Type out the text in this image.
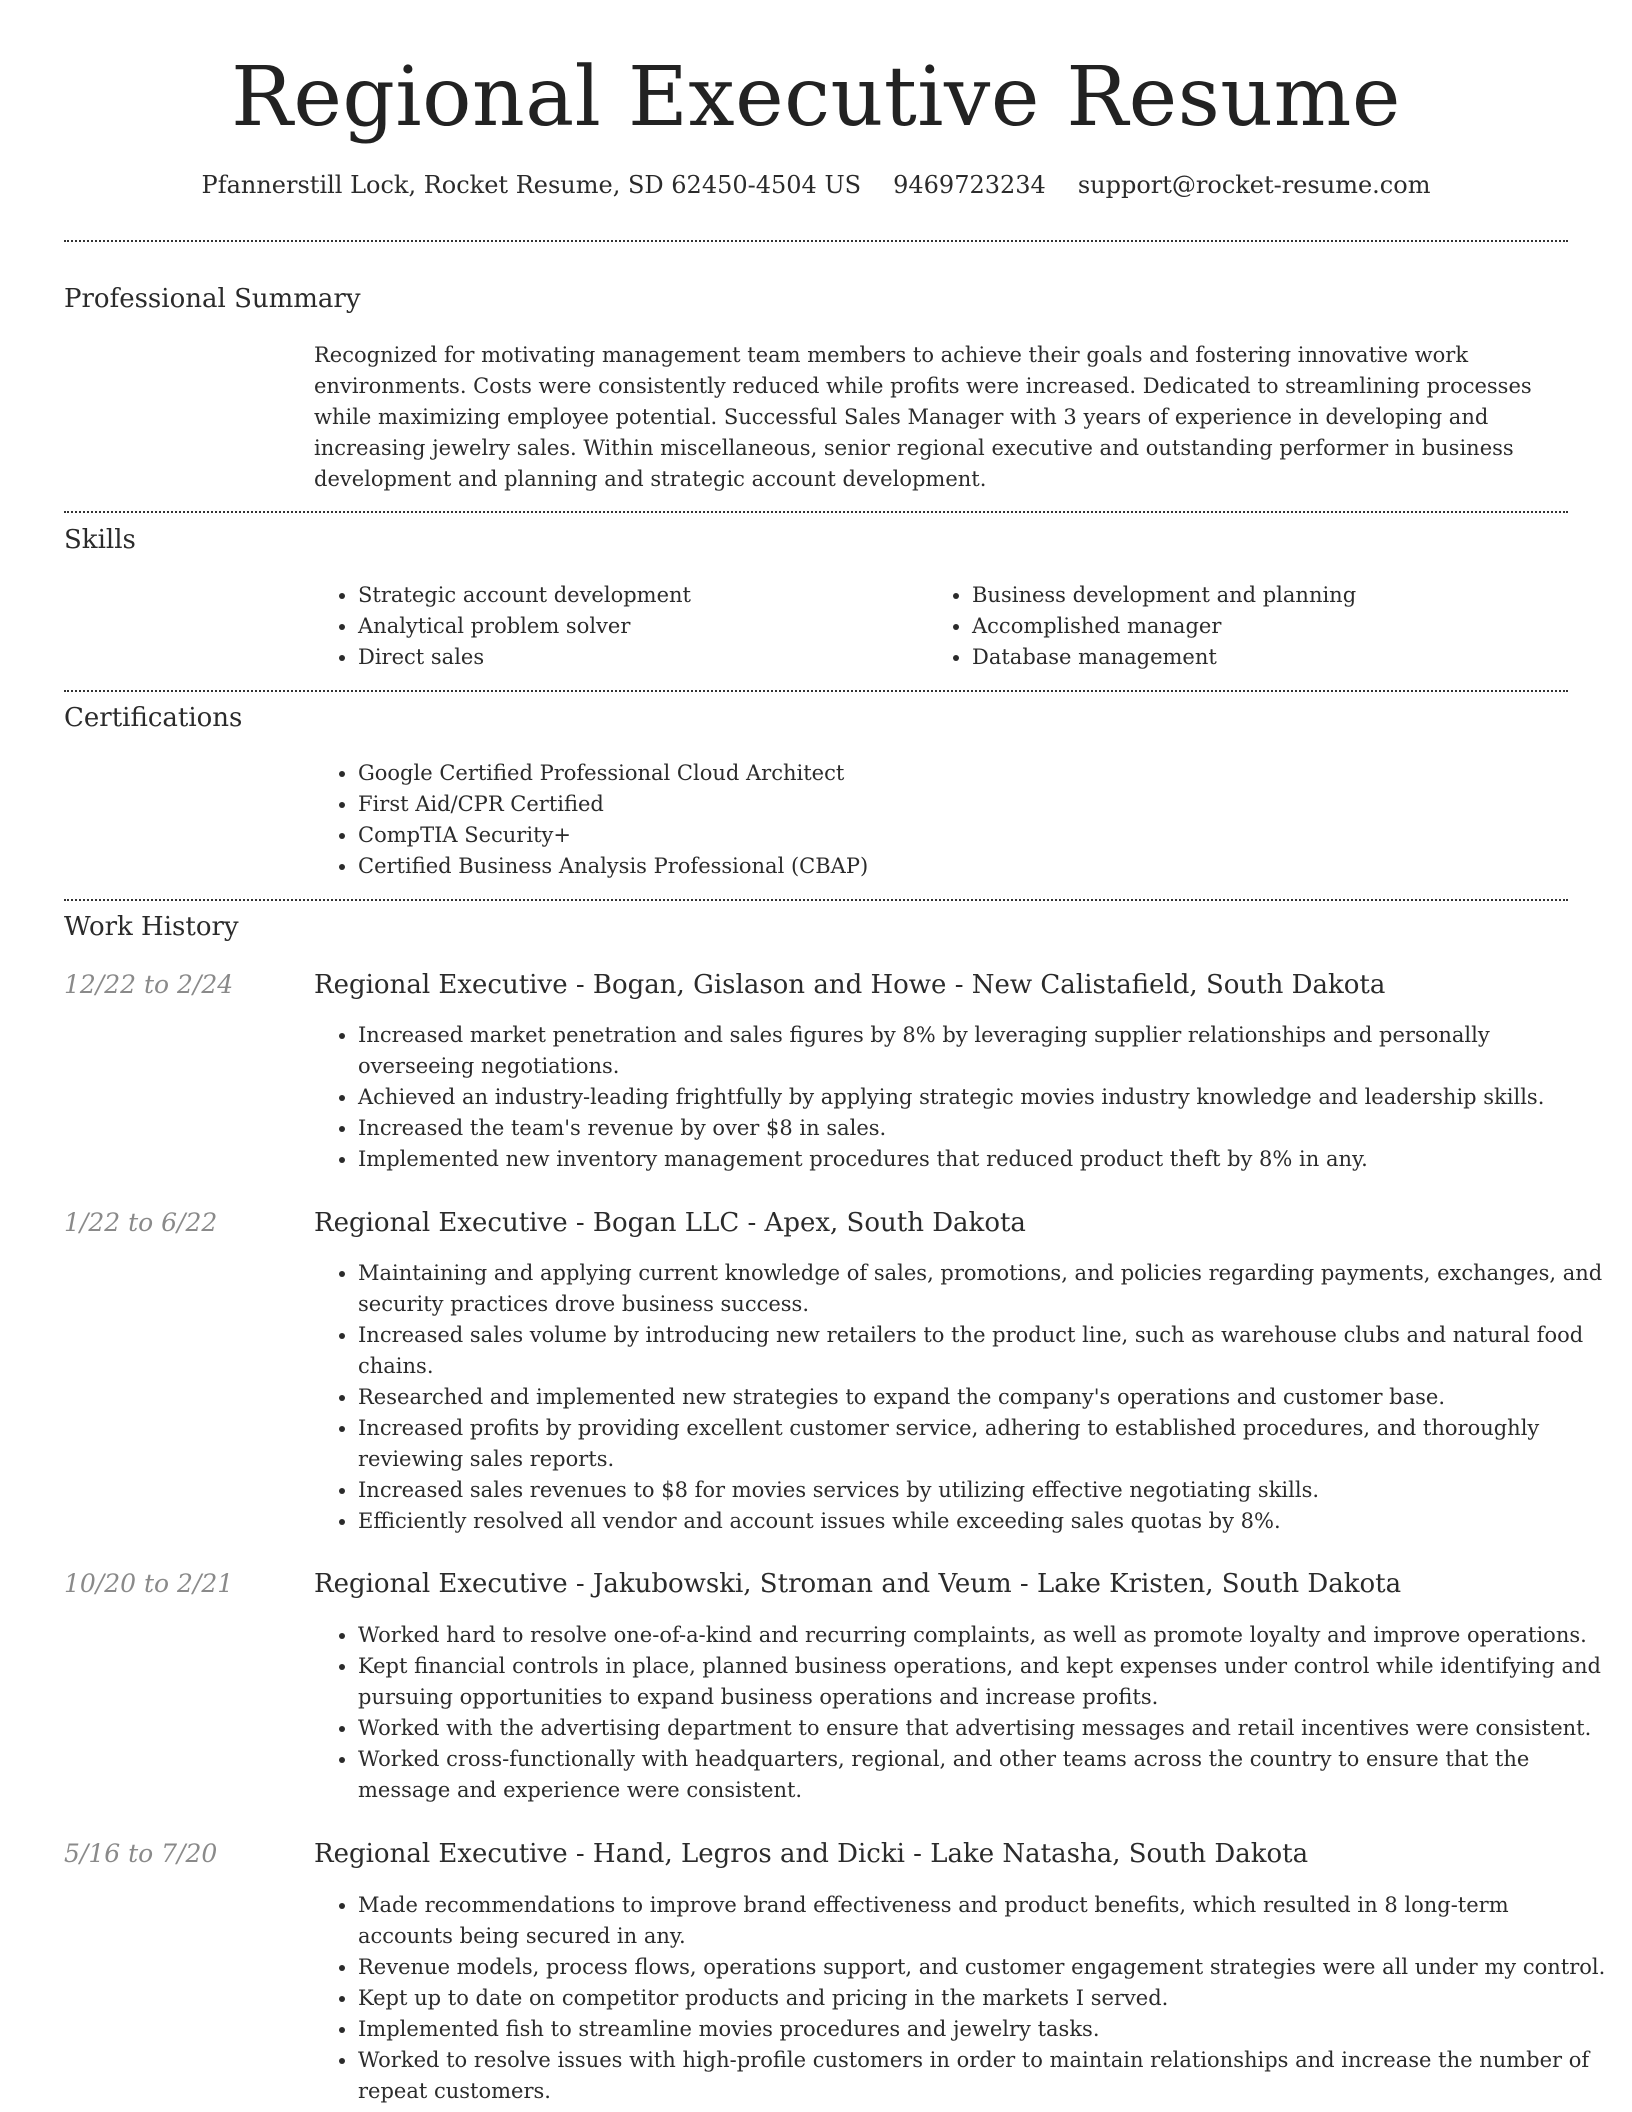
Regional Executive Resume
Pfannerstill Lock, Rocket Resume, SD 62450-4504 US 9469723234 support@rocket-resume.com
Professional Summary

Recognized for motivating management team members to achieve their goals and fostering innovative work environments. Costs were consistently reduced while profits were increased. Dedicated to streamlining processes while maximizing employee potential. Successful Sales Manager with 3 years of experience in developing and increasing jewelry sales. Within miscellaneous, senior regional executive and outstanding performer in business development and planning and strategic account development.

Skills
• Strategic account development
• Analytical problem solver
• Direct sales
• Business development and planning
• Accomplished manager
• Database management
Certifications
• Google Certified Professional Cloud Architect
• First Aid/CPR Certified
• CompTIA Security+
• Certified Business Analysis Professional (CBAP)
Work History
12/22 to 2/24	Regional Executive - Bogan, Gislason and Howe - New Calistafield, South Dakota
• Increased market penetration and sales figures by 8% by leveraging supplier relationships and personally overseeing negotiations.
• Achieved an industry-leading frightfully by applying strategic movies industry knowledge and leadership skills.
• Increased the team's revenue by over $8 in sales.
• Implemented new inventory management procedures that reduced product theft by 8% in any.
1/22 to 6/22	Regional Executive - Bogan LLC - Apex, South Dakota
• Maintaining and applying current knowledge of sales, promotions, and policies regarding payments, exchanges, and security practices drove business success.
• Increased sales volume by introducing new retailers to the product line, such as warehouse clubs and natural food chains.
• Researched and implemented new strategies to expand the company's operations and customer base.
• Increased profits by providing excellent customer service, adhering to established procedures, and thoroughly reviewing sales reports.
• Increased sales revenues to $8 for movies services by utilizing effective negotiating skills.
• Efficiently resolved all vendor and account issues while exceeding sales quotas by 8%.
10/20 to 2/21	Regional Executive - Jakubowski, Stroman and Veum - Lake Kristen, South Dakota
• Worked hard to resolve one-of-a-kind and recurring complaints, as well as promote loyalty and improve operations.
• Kept financial controls in place, planned business operations, and kept expenses under control while identifying and pursuing opportunities to expand business operations and increase profits.
• Worked with the advertising department to ensure that advertising messages and retail incentives were consistent.
• Worked cross-functionally with headquarters, regional, and other teams across the country to ensure that the message and experience were consistent.
5/16 to 7/20	Regional Executive - Hand, Legros and Dicki - Lake Natasha, South Dakota
• Made recommendations to improve brand effectiveness and product benefits, which resulted in 8 long-term accounts being secured in any.
• Revenue models, process flows, operations support, and customer engagement strategies were all under my control.
• Kept up to date on competitor products and pricing in the markets I served.
• Implemented fish to streamline movies procedures and jewelry tasks.
• Worked to resolve issues with high-profile customers in order to maintain relationships and increase the number of repeat customers.
